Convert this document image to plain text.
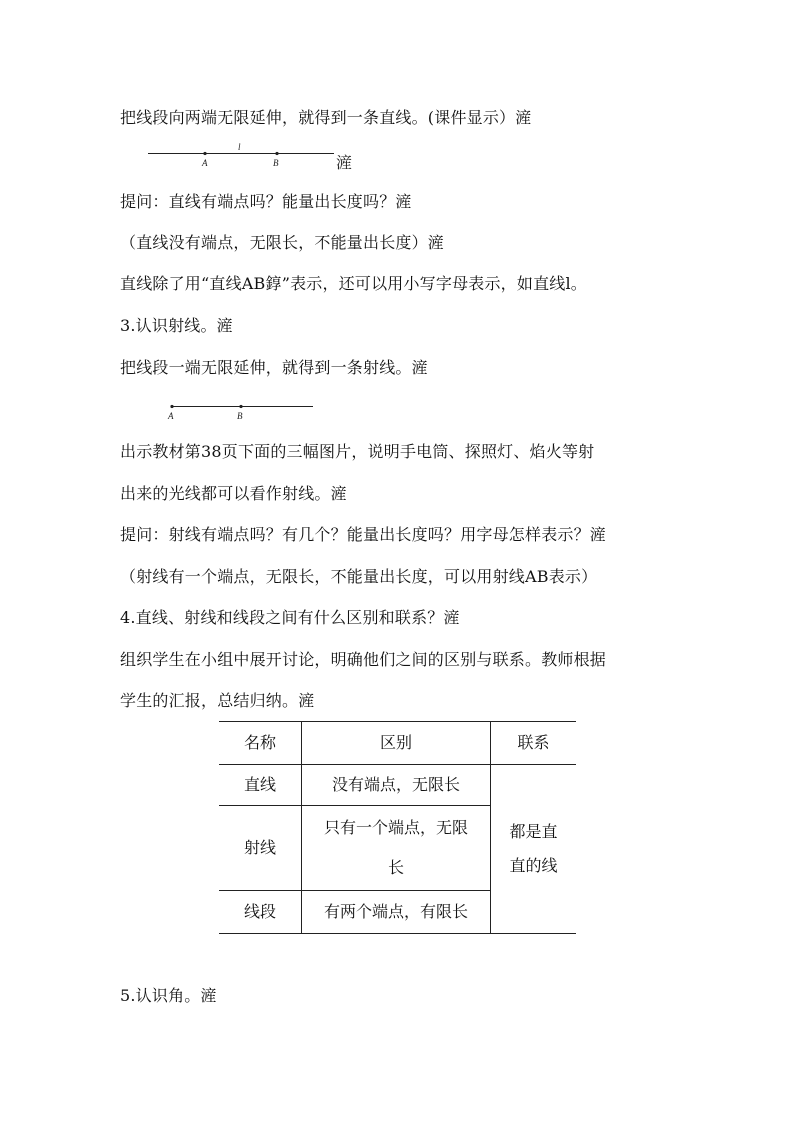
把线段向两端无限延伸，就得到一条直线。(课件显示）滻
A	B
l
滻
提问：直线有端点吗？能量出长度吗？滻
（直线没有端点，无限长，不能量出长度）滻
直线除了用“直线AB錞”表示，还可以用小写字母表示，如直线l。
3.认识射线。滻
把线段一端无限延伸，就得到一条射线。滻
A	B
出示教材第38页下面的三幅图片，说明手电筒、探照灯、焰火等射
出来的光线都可以看作射线。滻
提问：射线有端点吗？有几个？能量出长度吗？用字母怎样表示？滻
（射线有一个端点，无限长，不能量出长度，可以用射线AB表示）
4.直线、射线和线段之间有什么区别和联系？滻
组织学生在小组中展开讨论，明确他们之间的区别与联系。教师根据
学生的汇报，总结归纳。滻
名称	区别	联系
直线	没有端点，无限长	都是直
直的线

射线	只有一个端点，无限
长	

线段	有两个端点，有限长	
5.认识角。滻
